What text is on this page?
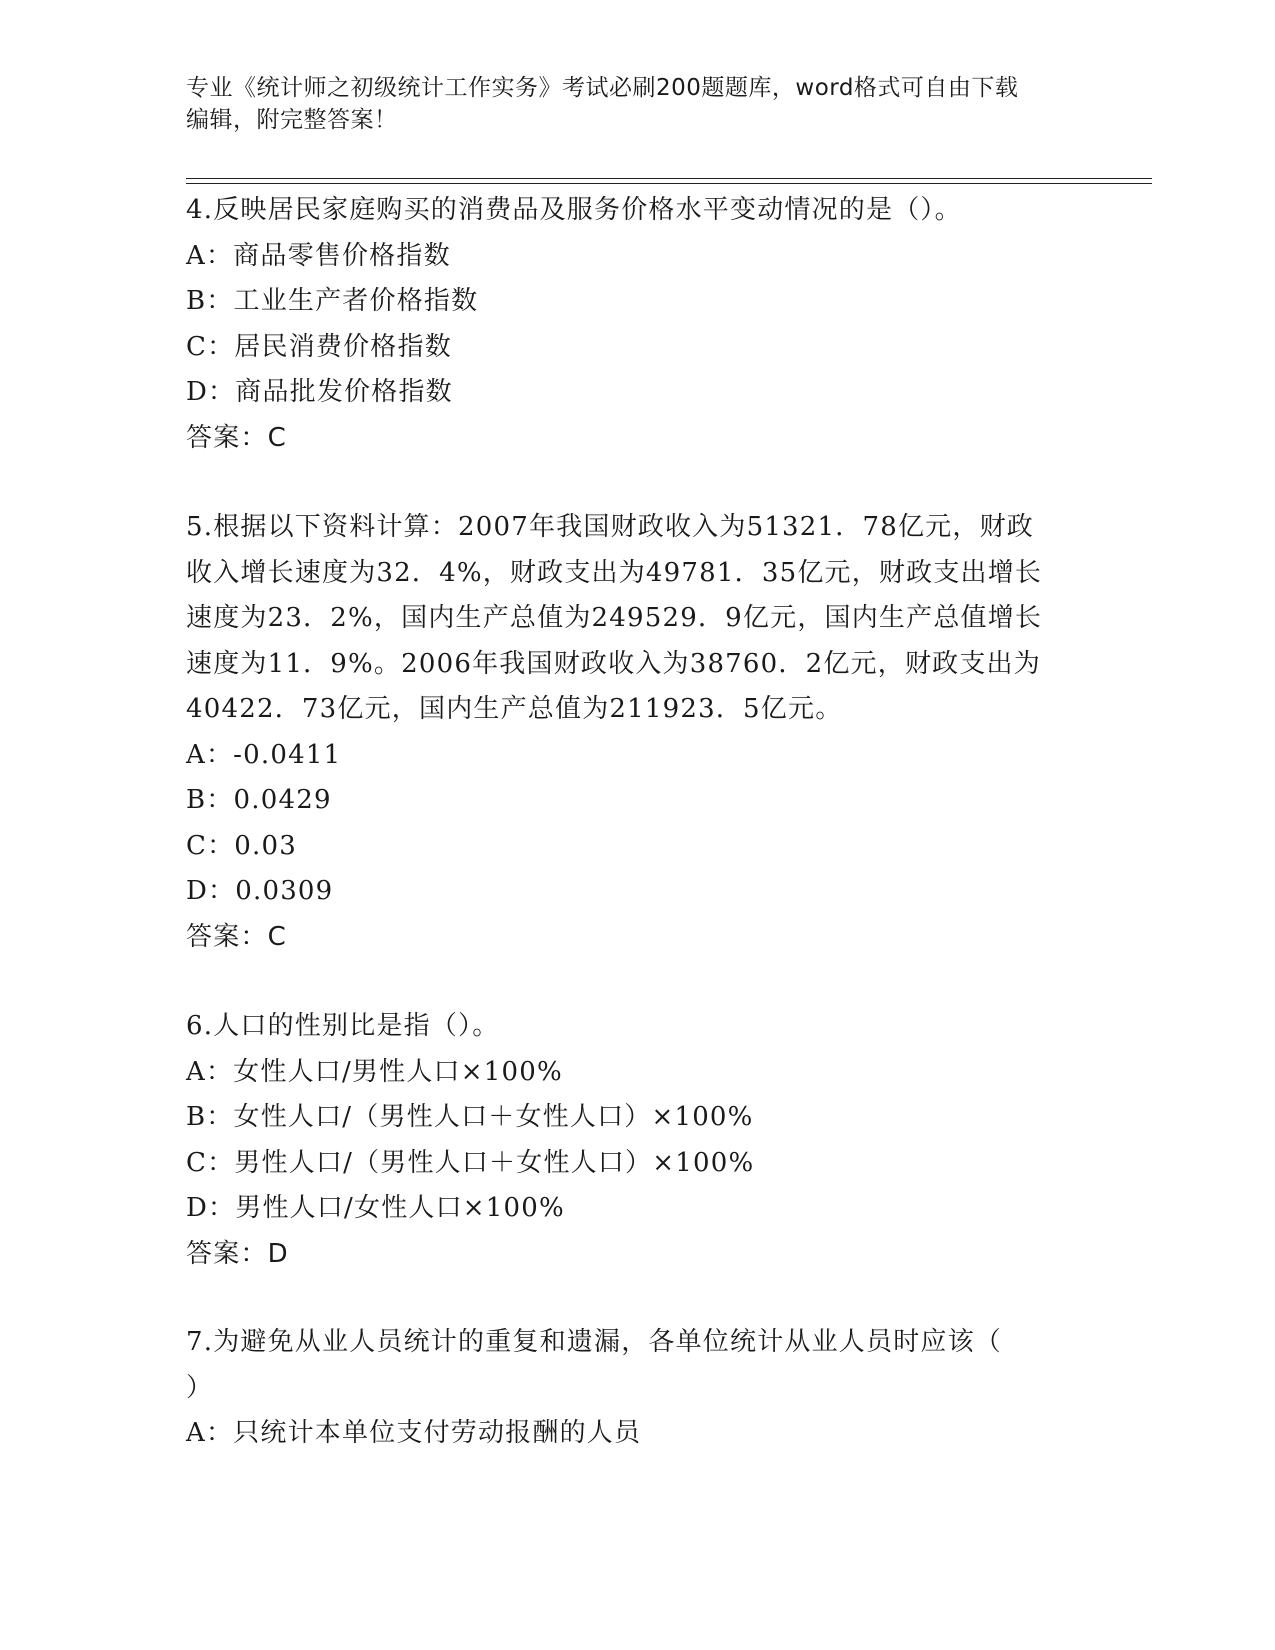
专业《统计师之初级统计工作实务》考试必刷200题题库，word格式可自由下载
编辑，附完整答案！
4.反映居民家庭购买的消费品及服务价格水平变动情况的是（）。
A：商品零售价格指数
B：工业生产者价格指数
C：居民消费价格指数
D：商品批发价格指数
答案：C
5.根据以下资料计算：2007年我国财政收入为51321．78亿元，财政
收入增长速度为32．4%，财政支出为49781．35亿元，财政支出增长
速度为23．2%，国内生产总值为249529．9亿元，国内生产总值增长
速度为11．9%。2006年我国财政收入为38760．2亿元，财政支出为
40422．73亿元，国内生产总值为211923．5亿元。
A：-0.0411
B：0.0429
C：0.03
D：0.0309
答案：C
6.人口的性别比是指（）。
A：女性人口/男性人口×100%
B：女性人口/（男性人口＋女性人口）×100%
C：男性人口/（男性人口＋女性人口）×100%
D：男性人口/女性人口×100%
答案：D
7.为避免从业人员统计的重复和遗漏，各单位统计从业人员时应该（
）
A：只统计本单位支付劳动报酬的人员
